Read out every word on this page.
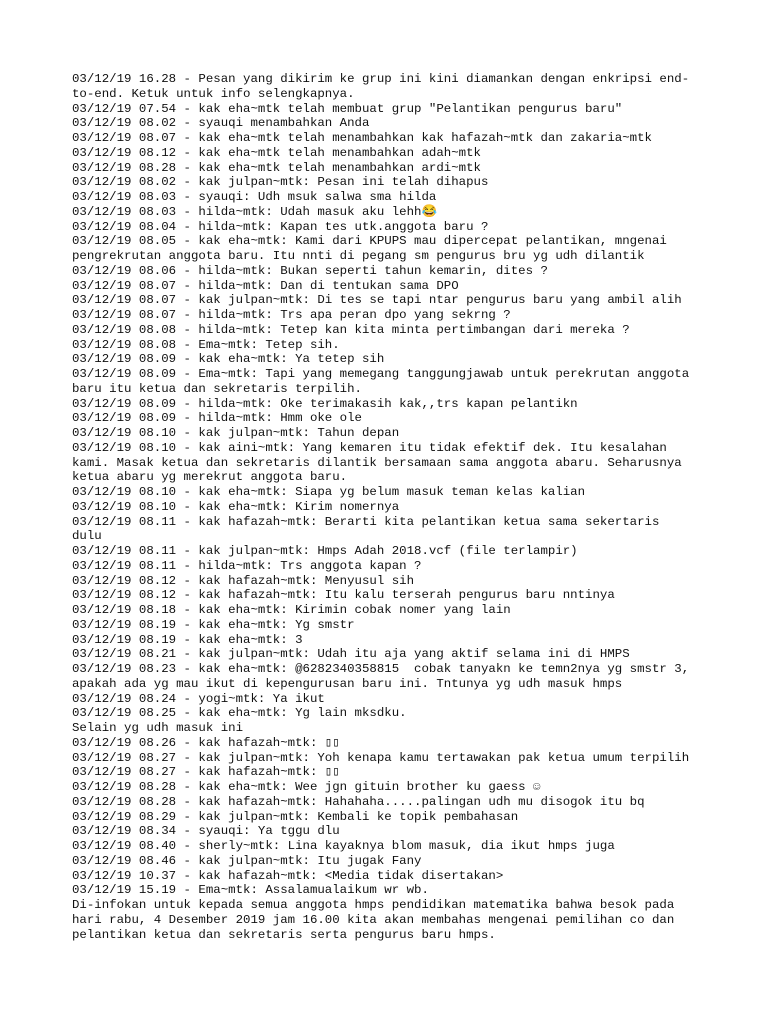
03/12/19 16.28 - Pesan yang dikirim ke grup ini kini diamankan dengan enkripsi end-
to-end. Ketuk untuk info selengkapnya.
03/12/19 07.54 - kak eha~mtk telah membuat grup "Pelantikan pengurus baru"
03/12/19 08.02 - syauqi menambahkan Anda
03/12/19 08.07 - kak eha~mtk telah menambahkan kak hafazah~mtk dan zakaria~mtk
03/12/19 08.12 - kak eha~mtk telah menambahkan adah~mtk
03/12/19 08.28 - kak eha~mtk telah menambahkan ardi~mtk
03/12/19 08.02 - kak julpan~mtk: Pesan ini telah dihapus
03/12/19 08.03 - syauqi: Udh msuk salwa sma hilda
03/12/19 08.03 - hilda~mtk: Udah masuk aku lehh😂
03/12/19 08.04 - hilda~mtk: Kapan tes utk.anggota baru ?
03/12/19 08.05 - kak eha~mtk: Kami dari KPUPS mau dipercepat pelantikan, mngenai
pengrekrutan anggota baru. Itu nnti di pegang sm pengurus bru yg udh dilantik
03/12/19 08.06 - hilda~mtk: Bukan seperti tahun kemarin, dites ?
03/12/19 08.07 - hilda~mtk: Dan di tentukan sama DPO
03/12/19 08.07 - kak julpan~mtk: Di tes se tapi ntar pengurus baru yang ambil alih
03/12/19 08.07 - hilda~mtk: Trs apa peran dpo yang sekrng ?
03/12/19 08.08 - hilda~mtk: Tetep kan kita minta pertimbangan dari mereka ?
03/12/19 08.08 - Ema~mtk: Tetep sih.
03/12/19 08.09 - kak eha~mtk: Ya tetep sih
03/12/19 08.09 - Ema~mtk: Tapi yang memegang tanggungjawab untuk perekrutan anggota
baru itu ketua dan sekretaris terpilih.
03/12/19 08.09 - hilda~mtk: Oke terimakasih kak,,trs kapan pelantikn
03/12/19 08.09 - hilda~mtk: Hmm oke ole
03/12/19 08.10 - kak julpan~mtk: Tahun depan
03/12/19 08.10 - kak aini~mtk: Yang kemaren itu tidak efektif dek. Itu kesalahan
kami. Masak ketua dan sekretaris dilantik bersamaan sama anggota abaru. Seharusnya
ketua abaru yg merekrut anggota baru.
03/12/19 08.10 - kak eha~mtk: Siapa yg belum masuk teman kelas kalian
03/12/19 08.10 - kak eha~mtk: Kirim nomernya
03/12/19 08.11 - kak hafazah~mtk: Berarti kita pelantikan ketua sama sekertaris
dulu
03/12/19 08.11 - kak julpan~mtk: Hmps Adah 2018.vcf (file terlampir)
03/12/19 08.11 - hilda~mtk: Trs anggota kapan ?
03/12/19 08.12 - kak hafazah~mtk: Menyusul sih
03/12/19 08.12 - kak hafazah~mtk: Itu kalu terserah pengurus baru nntinya
03/12/19 08.18 - kak eha~mtk: Kirimin cobak nomer yang lain
03/12/19 08.19 - kak eha~mtk: Yg smstr
03/12/19 08.19 - kak eha~mtk: 3
03/12/19 08.21 - kak julpan~mtk: Udah itu aja yang aktif selama ini di HMPS
03/12/19 08.23 - kak eha~mtk: @6282340358815  cobak tanyakn ke temn2nya yg smstr 3,
apakah ada yg mau ikut di kepengurusan baru ini. Tntunya yg udh masuk hmps
03/12/19 08.24 - yogi~mtk: Ya ikut
03/12/19 08.25 - kak eha~mtk: Yg lain mksdku.
Selain yg udh masuk ini
03/12/19 08.26 - kak hafazah~mtk: ▯▯
03/12/19 08.27 - kak julpan~mtk: Yoh kenapa kamu tertawakan pak ketua umum terpilih
03/12/19 08.27 - kak hafazah~mtk: ▯▯
03/12/19 08.28 - kak eha~mtk: Wee jgn gituin brother ku gaess ☺
03/12/19 08.28 - kak hafazah~mtk: Hahahaha.....palingan udh mu disogok itu bq
03/12/19 08.29 - kak julpan~mtk: Kembali ke topik pembahasan
03/12/19 08.34 - syauqi: Ya tggu dlu
03/12/19 08.40 - sherly~mtk: Lina kayaknya blom masuk, dia ikut hmps juga
03/12/19 08.46 - kak julpan~mtk: Itu jugak Fany
03/12/19 10.37 - kak hafazah~mtk: <Media tidak disertakan>
03/12/19 15.19 - Ema~mtk: Assalamualaikum wr wb.
Di-infokan untuk kepada semua anggota hmps pendidikan matematika bahwa besok pada
hari rabu, 4 Desember 2019 jam 16.00 kita akan membahas mengenai pemilihan co dan
pelantikan ketua dan sekretaris serta pengurus baru hmps.
